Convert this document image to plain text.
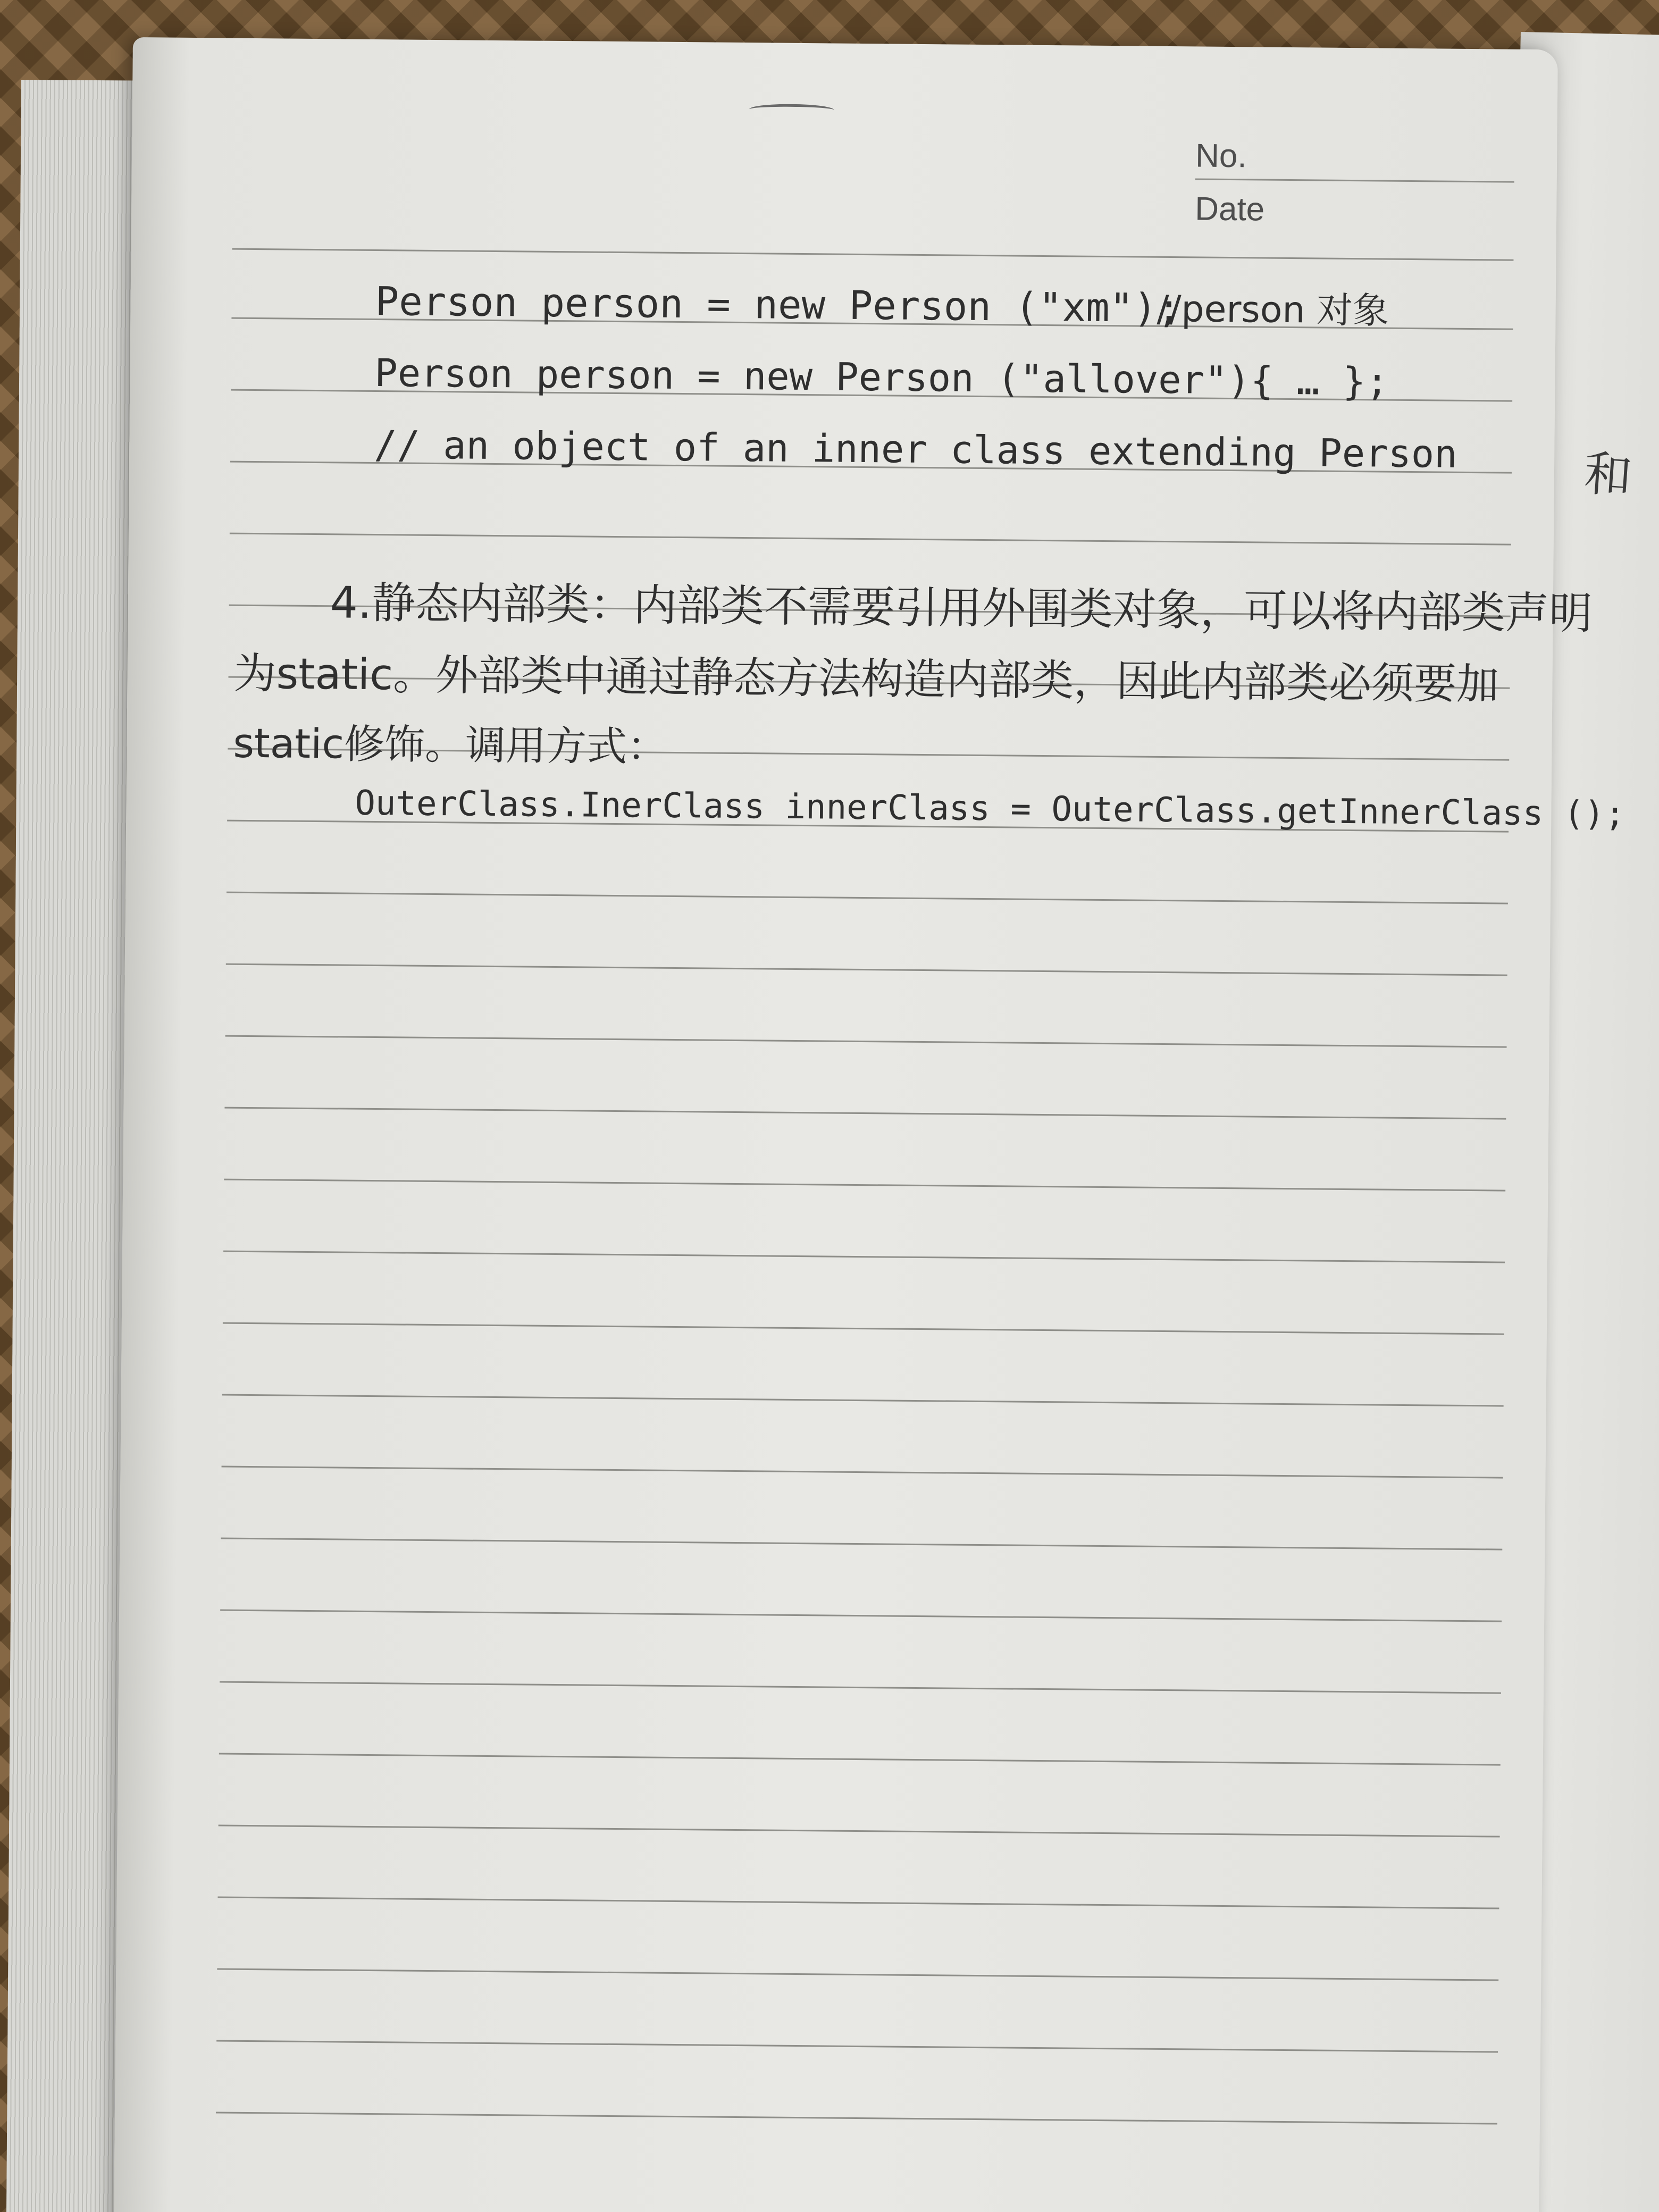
和
No.
Date
Person person = new Person ("xm");
//person 对象
Person person = new Person ("allover"){ … };
// an object of an inner class extending Person
4.静态内部类：内部类不需要引用外围类对象，可以将内部类声明
为static。外部类中通过静态方法构造内部类，因此内部类必须要加
static修饰。调用方式：
OuterClass.InerClass innerClass = OuterClass.getInnerClass ();
